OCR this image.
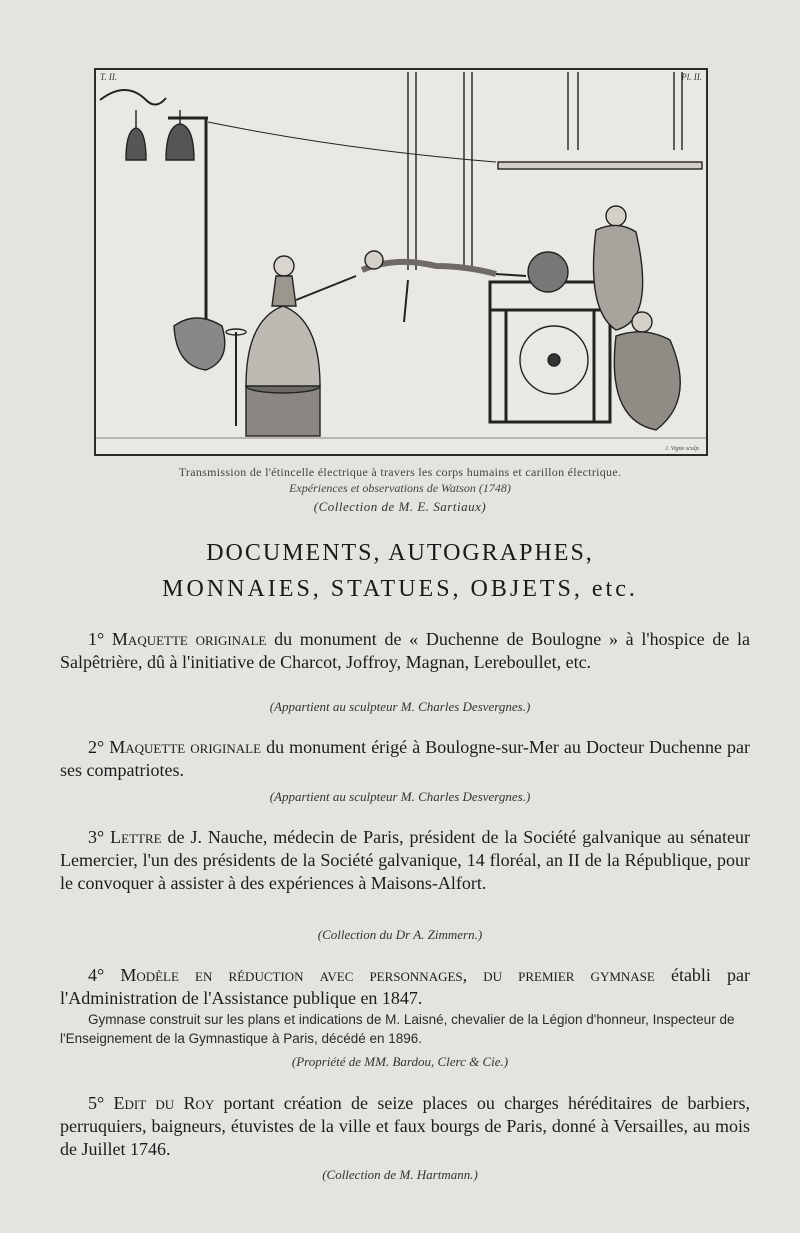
T. II.	Pl. II.
J. Vigne sculp.
Transmission de l'étincelle électrique à travers les corps humains et carillon électrique.
Expériences et observations de Watson (1748)
(Collection de M. E. Sartiaux)
DOCUMENTS, AUTOGRAPHES,
MONNAIES, STATUES, OBJETS, etc.
1° Maquette originale du monument de « Duchenne de Boulogne » à l'hospice de la Salpêtrière, dû à l'initiative de Charcot, Joffroy, Magnan, Lereboullet, etc.
(Appartient au sculpteur M. Charles Desvergnes.)
2° Maquette originale du monument érigé à Boulogne-sur-Mer au Docteur Duchenne par ses compatriotes.
(Appartient au sculpteur M. Charles Desvergnes.)
3° Lettre de J. Nauche, médecin de Paris, président de la Société galvanique au sénateur Lemercier, l'un des présidents de la Société galvanique, 14 floréal, an II de la République, pour le convoquer à assister à des expériences à Maisons-Alfort.
(Collection du Dr A. Zimmern.)
4° Modèle en réduction avec personnages, du premier gymnase établi par l'Administration de l'Assistance publique en 1847.
Gymnase construit sur les plans et indications de M. Laisné, chevalier de la Légion d'honneur, Inspecteur de l'Enseignement de la Gymnastique à Paris, décédé en 1896.
(Propriété de MM. Bardou, Clerc & Cie.)
5° Edit du Roy portant création de seize places ou charges héréditaires de barbiers, perruquiers, baigneurs, étuvistes de la ville et faux bourgs de Paris, donné à Versailles, au mois de Juillet 1746.
(Collection de M. Hartmann.)
